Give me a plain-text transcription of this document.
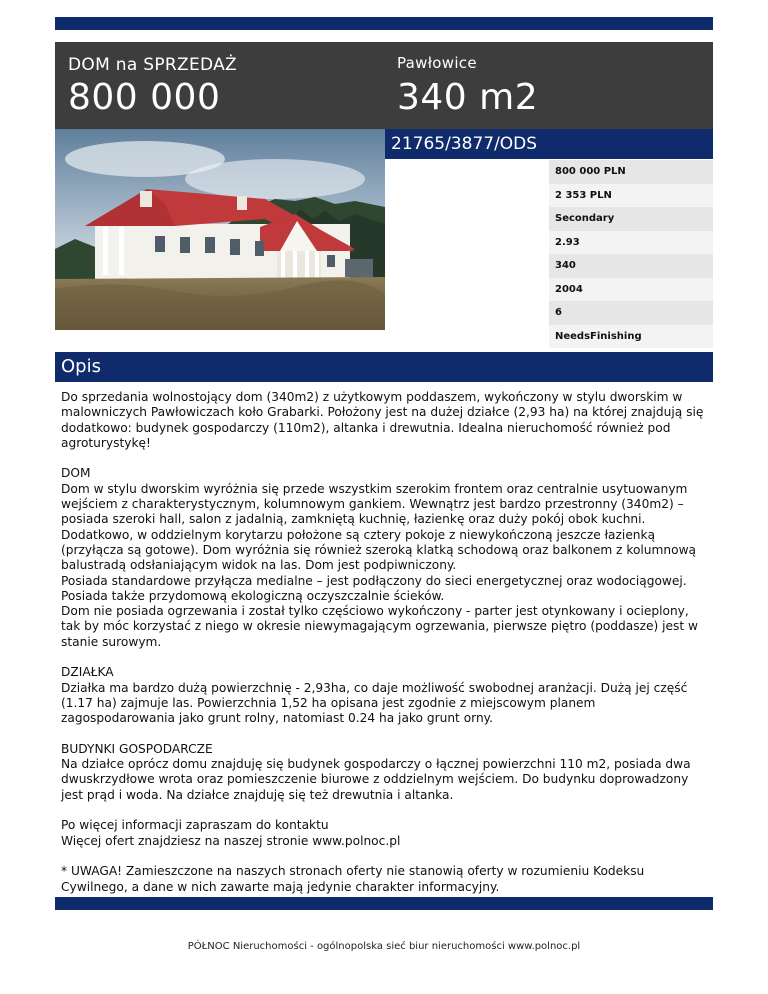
DOM na SPRZEDAŻ
800 000
Pawłowice
340 m2
21765/3877/ODS
800 000 PLN
2 353 PLN
Secondary
2.93
340
2004
6
NeedsFinishing
Opis

Do sprzedania wolnostojący dom (340m2) z użytkowym poddaszem, wykończony w stylu dworskim w malowniczych Pawłowiczach koło Grabarki. Położony jest na dużej działce (2,93 ha) na której znajdują się dodatkowo: budynek gospodarczy (110m2), altanka i drewutnia. Idealna nieruchomość również pod agroturystykę!

DOM
Dom w stylu dworskim wyróżnia się przede wszystkim szerokim frontem oraz centralnie usytuowanym wejściem z charakterystycznym, kolumnowym gankiem. Wewnątrz jest bardzo przestronny (340m2) – posiada szeroki hall, salon z jadalnią, zamkniętą kuchnię, łazienkę oraz duży pokój obok kuchni. Dodatkowo, w oddzielnym korytarzu położone są cztery pokoje z niewykończoną jeszcze łazienką (przyłącza są gotowe). Dom wyróżnia się również szeroką klatką schodową oraz balkonem z kolumnową balustradą odsłaniającym widok na las. Dom jest podpiwniczony.
Posiada standardowe przyłącza medialne – jest podłączony do sieci energetycznej oraz wodociągowej. Posiada także przydomową ekologiczną oczyszczalnie ścieków.
Dom nie posiada ogrzewania i został tylko częściowo wykończony - parter jest otynkowany i ocieplony, tak by móc korzystać z niego w okresie niewymagającym ogrzewania, pierwsze piętro (poddasze) jest w stanie surowym.

DZIAŁKA
Działka ma bardzo dużą powierzchnię - 2,93ha, co daje możliwość swobodnej aranżacji. Dużą jej część (1.17 ha) zajmuje las. Powierzchnia 1,52 ha opisana jest zgodnie z miejscowym planem zagospodarowania jako grunt rolny, natomiast 0.24 ha jako grunt orny.

BUDYNKI GOSPODARCZE
Na działce oprócz domu znajduję się budynek gospodarczy o łącznej powierzchni 110 m2, posiada dwa dwuskrzydłowe wrota oraz pomieszczenie biurowe z oddzielnym wejściem. Do budynku doprowadzony jest prąd i woda. Na działce znajduję się też drewutnia i altanka.

Po więcej informacji zapraszam do kontaktu
Więcej ofert znajdziesz na naszej stronie www.polnoc.pl

* UWAGA! Zamieszczone na naszych stronach oferty nie stanowią oferty w rozumieniu Kodeksu Cywilnego, a dane w nich zawarte mają jedynie charakter informacyjny.

PÓŁNOC Nieruchomości - ogólnopolska sieć biur nieruchomości www.polnoc.pl
